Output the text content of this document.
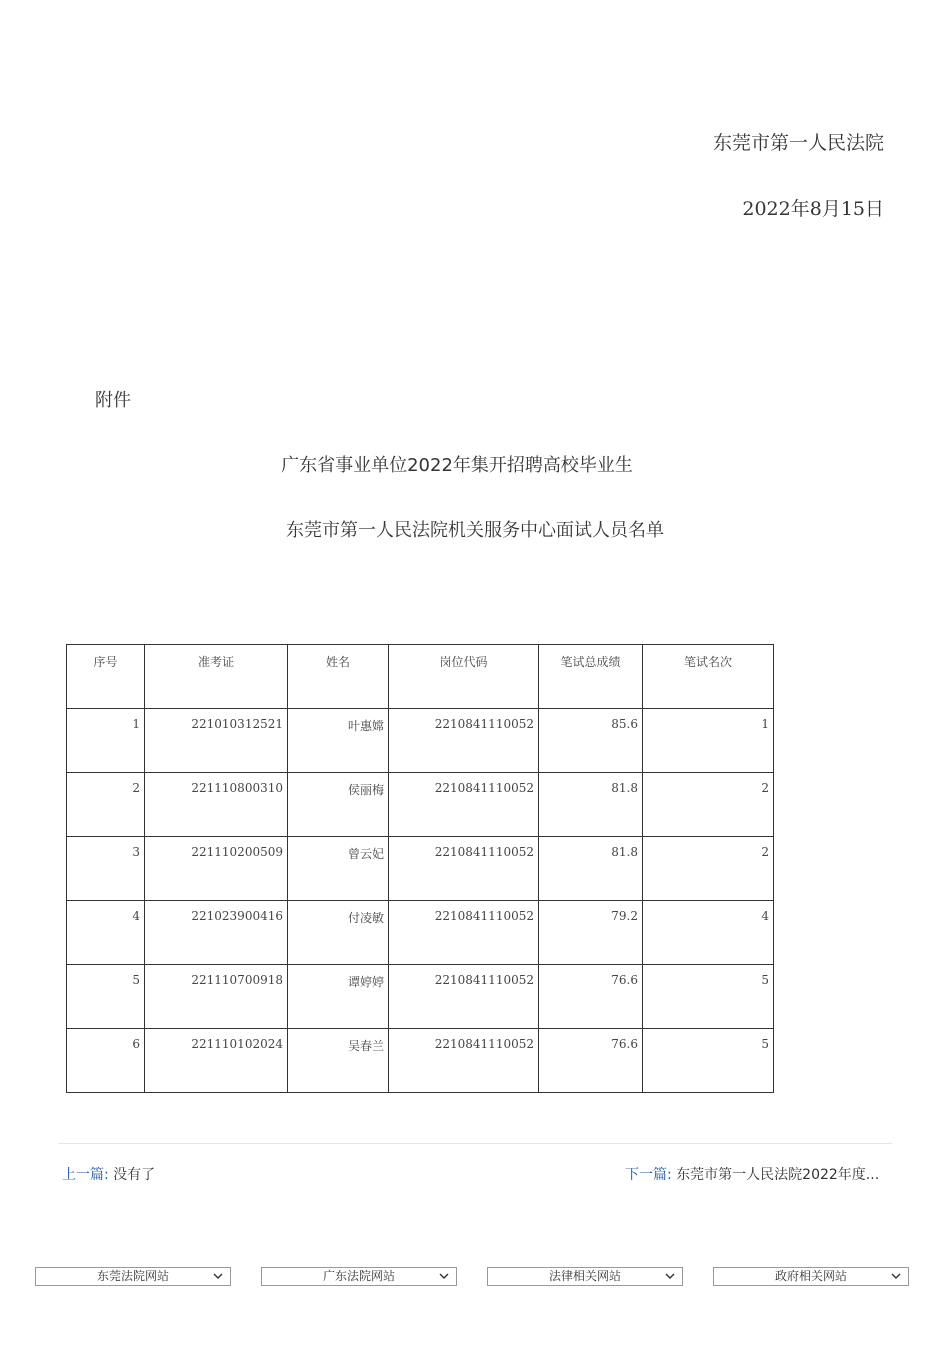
东莞市第一人民法院
2022年8月15日
附件
广东省事业单位2022年集开招聘高校毕业生
东莞市第一人民法院机关服务中心面试人员名单
序号	准考证	姓名	岗位代码	笔试总成绩	笔试名次
1	221010312521	叶惠嫦	2210841110052	85.6	1
2	221110800310	侯丽梅	2210841110052	81.8	2
3	221110200509	曾云妃	2210841110052	81.8	2
4	221023900416	付凌敏	2210841110052	79.2	4
5	221110700918	谭婷婷	2210841110052	76.6	5
6	221110102024	吴春兰	2210841110052	76.6	5
上一篇: 没有了	下一篇: 东莞市第一人民法院2022年度...
东莞法院网站	广东法院网站	法律相关网站	政府相关网站
